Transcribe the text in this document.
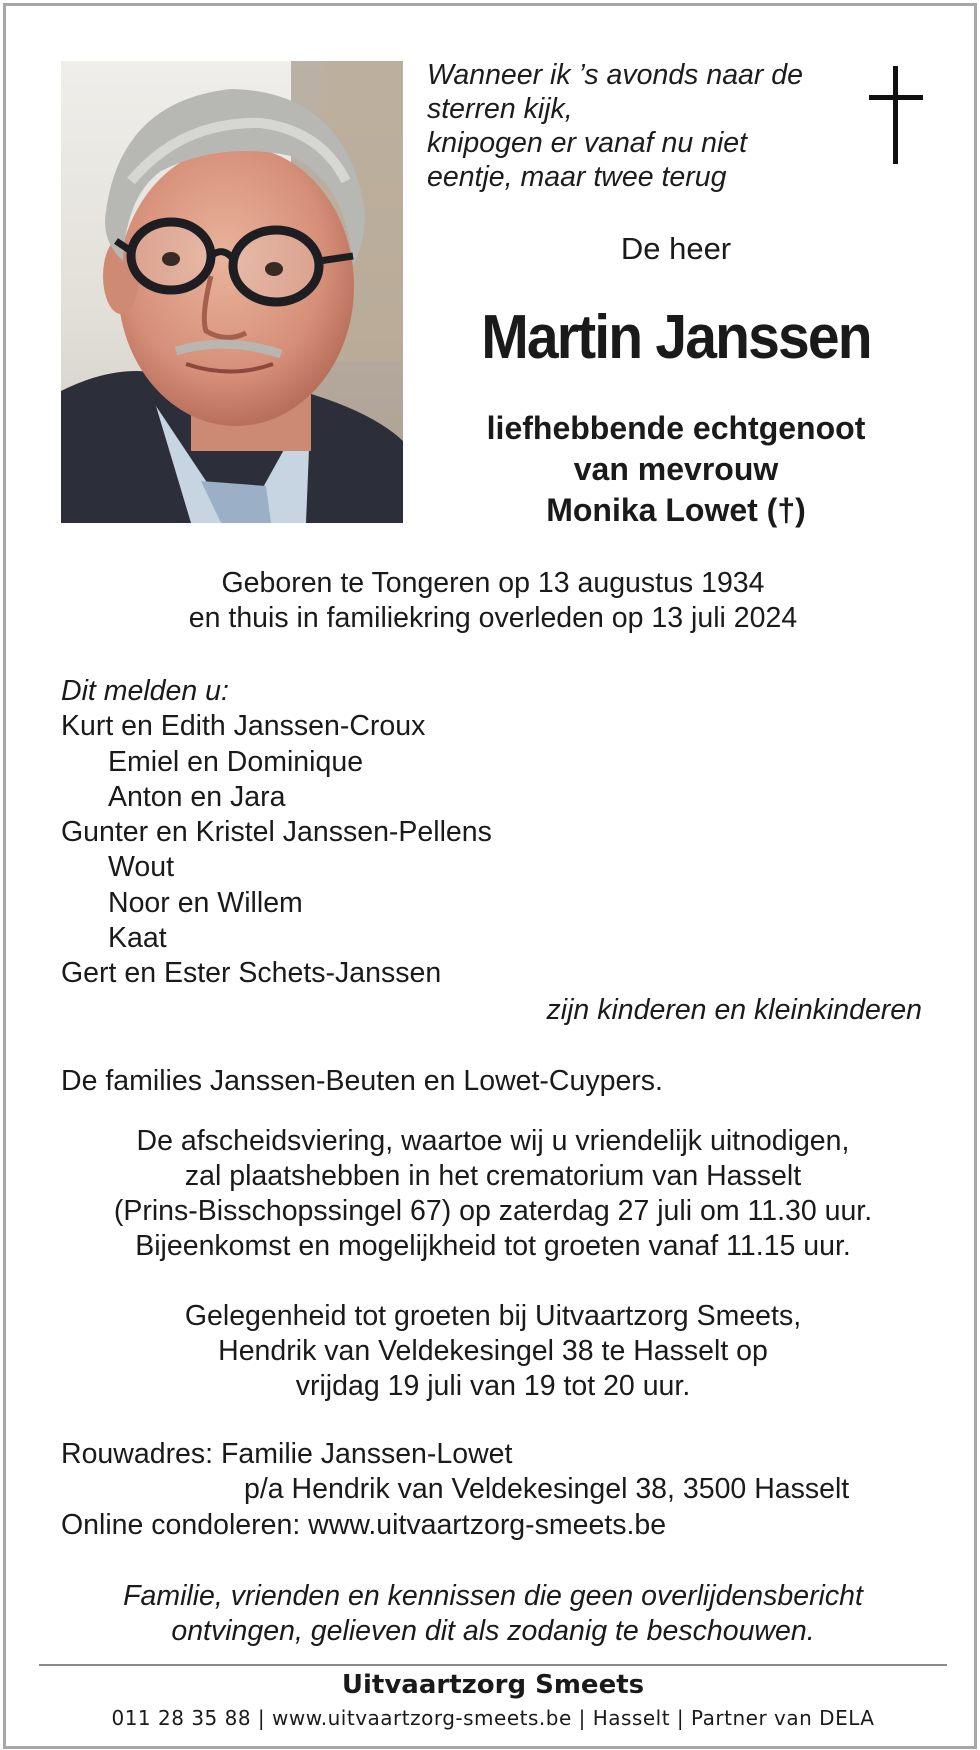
Wanneer ik ’s avonds naar de
sterren kijk,
knipogen er vanaf nu niet
eentje, maar twee terug
De heer
Martin Janssen
liefhebbende echtgenoot
van mevrouw
Monika Lowet (†)
Geboren te Tongeren op 13 augustus 1934
en thuis in familiekring overleden op 13 juli 2024
Dit melden u:
Kurt en Edith Janssen-Croux
Emiel en Dominique
Anton en Jara
Gunter en Kristel Janssen-Pellens
Wout
Noor en Willem
Kaat
Gert en Ester Schets-Janssen
zijn kinderen en kleinkinderen
De families Janssen-Beuten en Lowet-Cuypers.
De afscheidsviering, waartoe wij u vriendelijk uitnodigen,
zal plaatshebben in het crematorium van Hasselt
(Prins-Bisschopssingel 67) op zaterdag 27 juli om 11.30 uur.
Bijeenkomst en mogelijkheid tot groeten vanaf 11.15 uur.
Gelegenheid tot groeten bij Uitvaartzorg Smeets,
Hendrik van Veldekesingel 38 te Hasselt op
vrijdag 19 juli van 19 tot 20 uur.
Rouwadres: Familie Janssen-Lowet
p/a Hendrik van Veldekesingel 38, 3500 Hasselt
Online condoleren: www.uitvaartzorg-smeets.be
Familie, vrienden en kennissen die geen overlijdensbericht
ontvingen, gelieven dit als zodanig te beschouwen.
Uitvaartzorg Smeets
011 28 35 88 | www.uitvaartzorg-smeets.be | Hasselt | Partner van DELA
